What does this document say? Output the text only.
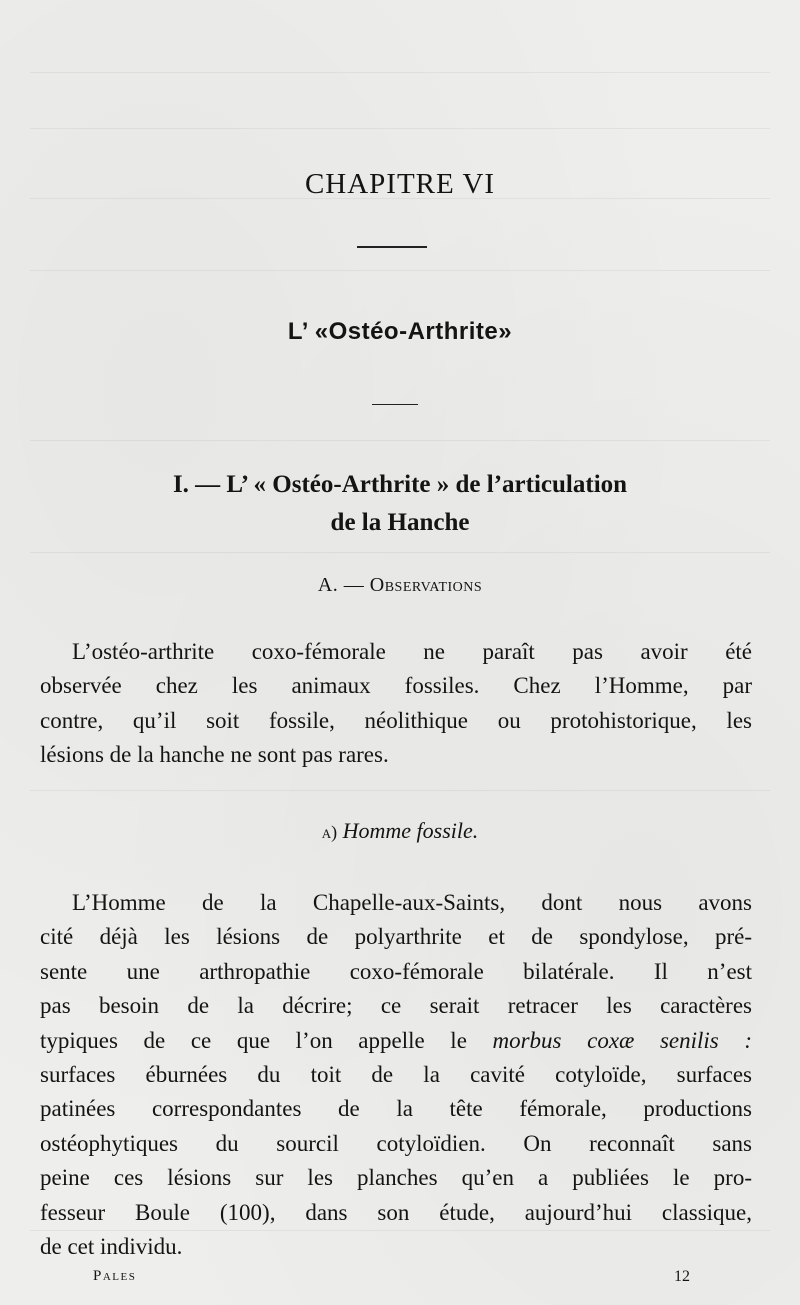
CHAPITRE VI
L’ «Ostéo-Arthrite»
I. — L’ « Ostéo-Arthrite » de l’articulation
de la Hanche
A. — Observations
L’ostéo-arthrite coxo-fémorale ne paraît pas avoir été
observée chez les animaux fossiles. Chez l’Homme, par
contre, qu’il soit fossile, néolithique ou protohistorique, les
lésions de la hanche ne sont pas rares.
a) Homme fossile.
L’Homme de la Chapelle-aux-Saints, dont nous avons
cité déjà les lésions de polyarthrite et de spondylose, pré-
sente une arthropathie coxo-fémorale bilatérale. Il n’est
pas besoin de la décrire; ce serait retracer les caractères
typiques de ce que l’on appelle le morbus coxæ senilis :
surfaces éburnées du toit de la cavité cotyloïde, surfaces
patinées correspondantes de la tête fémorale, productions
ostéophytiques du sourcil cotyloïdien. On reconnaît sans
peine ces lésions sur les planches qu’en a publiées le pro-
fesseur Boule (100), dans son étude, aujourd’hui classique,
de cet individu.
Pales	12
